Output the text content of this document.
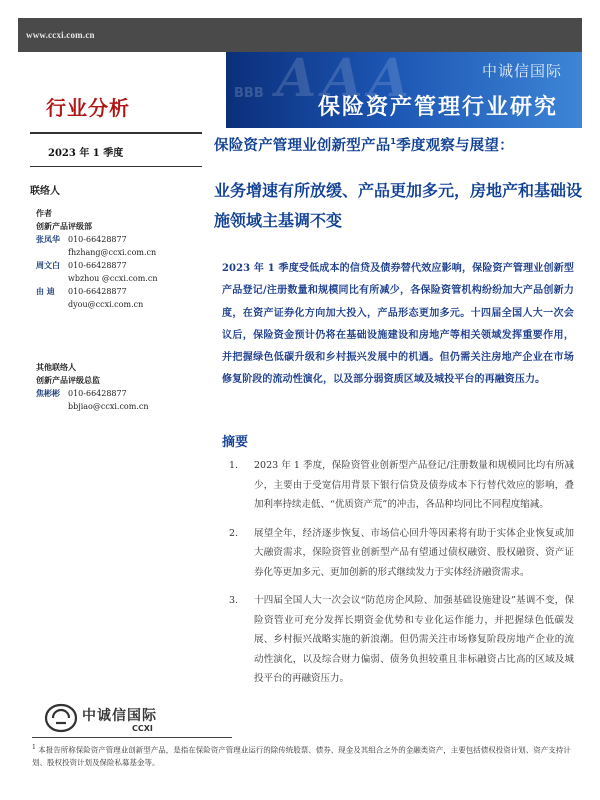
www.ccxi.com.cn
AAA
BBB
中诚信国际
保险资产管理行业研究
行业分析
2023 年 1 季度
联络人
作者
创新产品评级部
张凤华	010-66428877
fhzhang@ccxi.com.cn
周文白	010-66428877
wbzhou @ccxi.com.cn
由 迪	010-66428877
dyou@ccxi.com.cn
其他联络人
创新产品评级总监
焦彬彬	010-66428877
bbjiao@ccxi.com.cn
保险资产管理业创新型产品$^1$季度观察与展望：
业务增速有所放缓、产品更加多元，房地产和基础设施领域主基调不变
2023 年 1 季度受低成本的信贷及债券替代效应影响，保险资产管理业创新型产品登记/注册数量和规模同比有所减少，各保险资管机构纷纷加大产品创新力度，在资产证券化方向加大投入，产品形态更加多元。十四届全国人大一次会议后，保险资金预计仍将在基础设施建设和房地产等相关领域发挥重要作用，并把握绿色低碳升级和乡村振兴发展中的机遇。但仍需关注房地产企业在市场修复阶段的流动性演化，以及部分弱资质区域及城投平台的再融资压力。
摘要
1. 2023 年 1 季度，保险资管业创新型产品登记/注册数量和规模同比均有所减少，主要由于受宽信用背景下银行信贷及债券成本下行替代效应的影响，叠加利率持续走低、“优质资产荒”的冲击，各品种均同比不同程度缩减。
2. 展望全年，经济逐步恢复、市场信心回升等因素将有助于实体企业恢复或加大融资需求，保险资管业创新型产品有望通过债权融资、股权融资、资产证券化等更加多元、更加创新的形式继续发力于实体经济融资需求。
3. 十四届全国人大一次会议“防范房企风险、加强基础设施建设”基调不变，保险资管业可充分发挥长期资金优势和专业化运作能力，并把握绿色低碳发展、乡村振兴战略实施的新浪潮。但仍需关注市场修复阶段房地产企业的流动性演化，以及综合财力偏弱、债务负担较重且非标融资占比高的区域及城投平台的再融资压力。
中诚信国际
CCXI
$^1$ 本报告所称保险资产管理业创新型产品，是指在保险资产管理业运行的除传统股票、债券、现金及其组合之外的金融类资产，主要包括债权投资计划、资产支持计划、股权投资计划及保险私募基金等。
